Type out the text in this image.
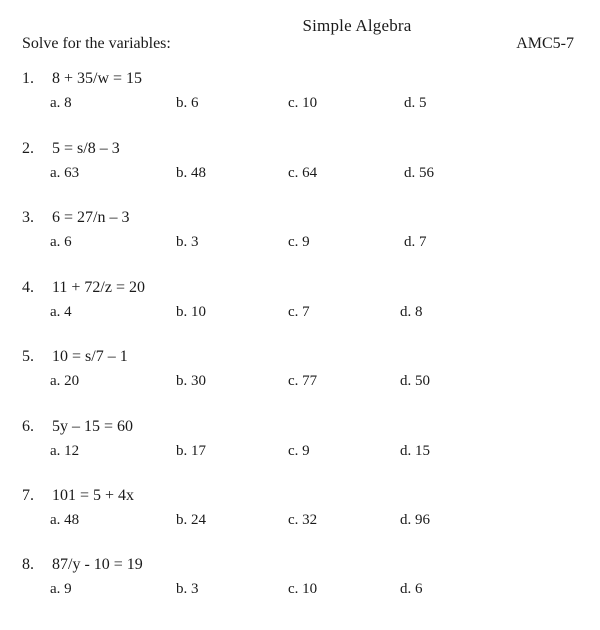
Simple Algebra
Solve for the variables:	AMC5-7
1. 8 + 35/w = 15
a. 8	b. 6	c. 10	d. 5
2. 5 = s/8 – 3
a. 63	b. 48	c. 64	d. 56
3. 6 = 27/n – 3
a. 6	b. 3	c. 9	d. 7
4. 11 + 72/z = 20
a. 4	b. 10	c. 7	d. 8
5. 10 = s/7 – 1
a. 20	b. 30	c. 77	d. 50
6. 5y – 15 = 60
a. 12	b. 17	c. 9	d. 15
7. 101 = 5 + 4x
a. 48	b. 24	c. 32	d. 96
8. 87/y - 10 = 19
a. 9	b. 3	c. 10	d. 6
